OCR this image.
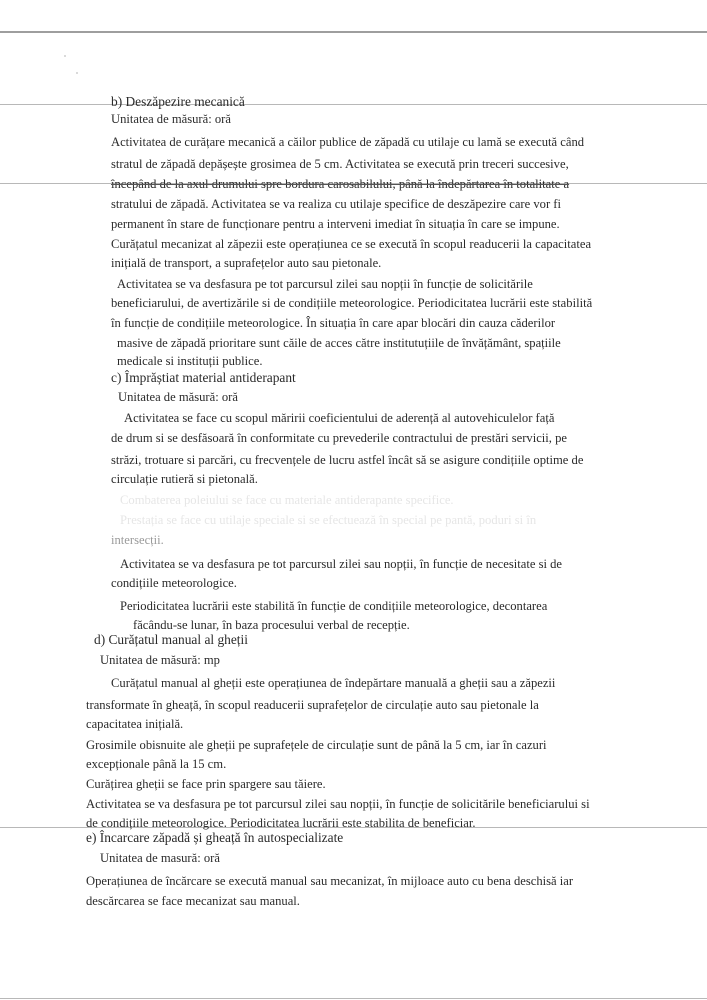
b) Deszăpezire mecanică
Unitatea de măsură: oră
Activitatea de curățare mecanică a căilor publice de zăpadă cu utilaje cu lamă se execută când
stratul de zăpadă depășește grosimea de 5 cm. Activitatea se execută prin treceri succesive,
începând de la axul drumului spre bordura carosabilului, până la îndepărtarea în totalitate a
stratului de zăpadă. Activitatea se va realiza cu utilaje specifice de deszăpezire care vor fi
permanent în stare de funcționare pentru a interveni imediat în situația în care se impune.
Curățatul mecanizat al zăpezii este operațiunea ce se execută în scopul readucerii la capacitatea
inițială de transport, a suprafețelor auto sau pietonale.
Activitatea se va desfasura pe tot parcursul zilei sau nopții în funcție de solicitările
beneficiarului, de avertizările si de condițiile meteorologice. Periodicitatea lucrării este stabilită
în funcție de condițiile meteorologice. În situația în care apar blocări din cauza căderilor
masive de zăpadă prioritare sunt căile de acces către institutuțiile de învățământ, spațiile
medicale si instituții publice.
c) Împrăștiat material antiderapant
Unitatea de măsură: oră
Activitatea se face cu scopul măririi coeficientului de aderență al autovehiculelor față
de drum si se desfăsoară în conformitate cu prevederile contractului de prestări servicii, pe
străzi, trotuare si parcări, cu frecvențele de lucru astfel încât să se asigure condițiile optime de
circulație rutieră si pietonală.
Combaterea poleiului se face cu materiale antiderapante specifice.
Prestația se face cu utilaje speciale si se efectuează în special pe pantă, poduri si în
intersecții.
Activitatea se va desfasura pe tot parcursul zilei sau nopții, în funcție de necesitate si de
condițiile meteorologice.
Periodicitatea lucrării este stabilită în funcție de condițiile meteorologice, decontarea
făcându-se lunar, în baza procesului verbal de recepție.
d) Curățatul manual al gheții
Unitatea de măsură: mp
Curățatul manual al gheții este operațiunea de îndepărtare manuală a gheții sau a zăpezii
transformate în gheață, în scopul readucerii suprafețelor de circulație auto sau pietonale la
capacitatea inițială.
Grosimile obisnuite ale gheții pe suprafețele de circulație sunt de până la 5 cm, iar în cazuri
excepționale până la 15 cm.
Curățirea gheții se face prin spargere sau tăiere.
Activitatea se va desfasura pe tot parcursul zilei sau nopții, în funcție de solicitările beneficiarului si
de condițiile meteorologice. Periodicitatea lucrării este stabilita de beneficiar.
e) Încarcare zăpadă și gheață în autospecializate
Unitatea de masură: oră
Operațiunea de încărcare se execută manual sau mecanizat, în mijloace auto cu bena deschisă iar
descărcarea se face mecanizat sau manual.
